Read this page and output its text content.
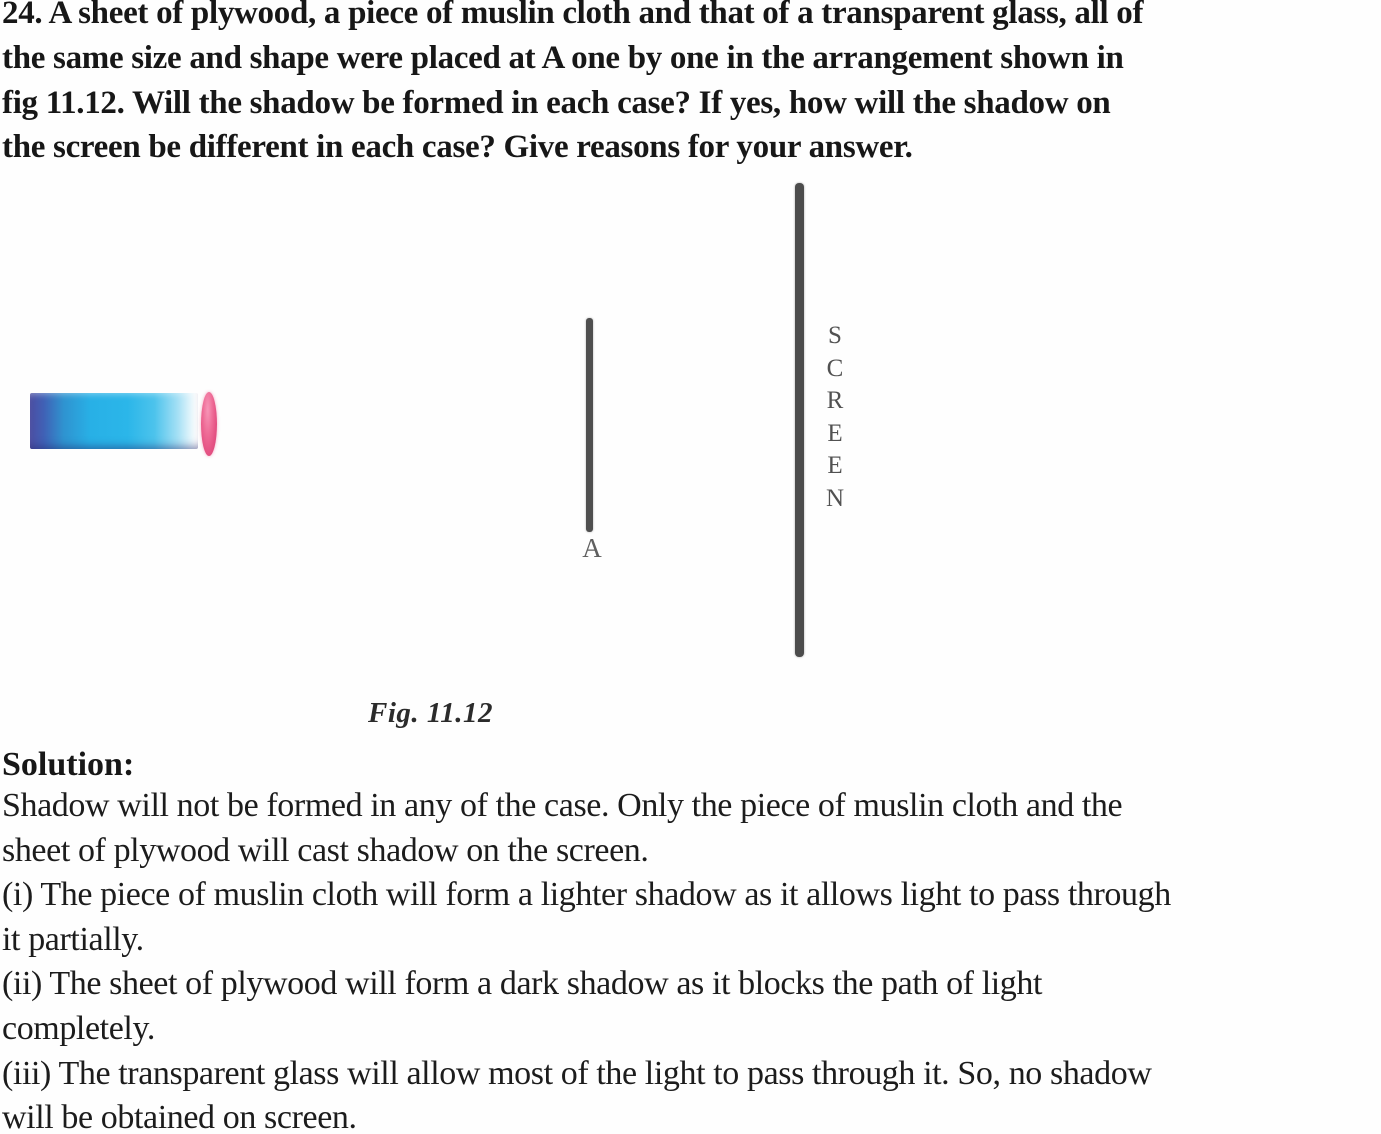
24. A sheet of plywood, a piece of muslin cloth and that of a transparent glass, all of
the same size and shape were placed at A one by one in the arrangement shown in
fig 11.12. Will the shadow be formed in each case? If yes, how will the shadow on
the screen be different in each case? Give reasons for your answer.
A
S
C
R
E
E
N
Fig. 11.12
Solution:
Shadow will not be formed in any of the case. Only the piece of muslin cloth and the
sheet of plywood will cast shadow on the screen.
(i) The piece of muslin cloth will form a lighter shadow as it allows light to pass through
it partially.
(ii) The sheet of plywood will form a dark shadow as it blocks the path of light
completely.
(iii) The transparent glass will allow most of the light to pass through it. So, no shadow
will be obtained on screen.
